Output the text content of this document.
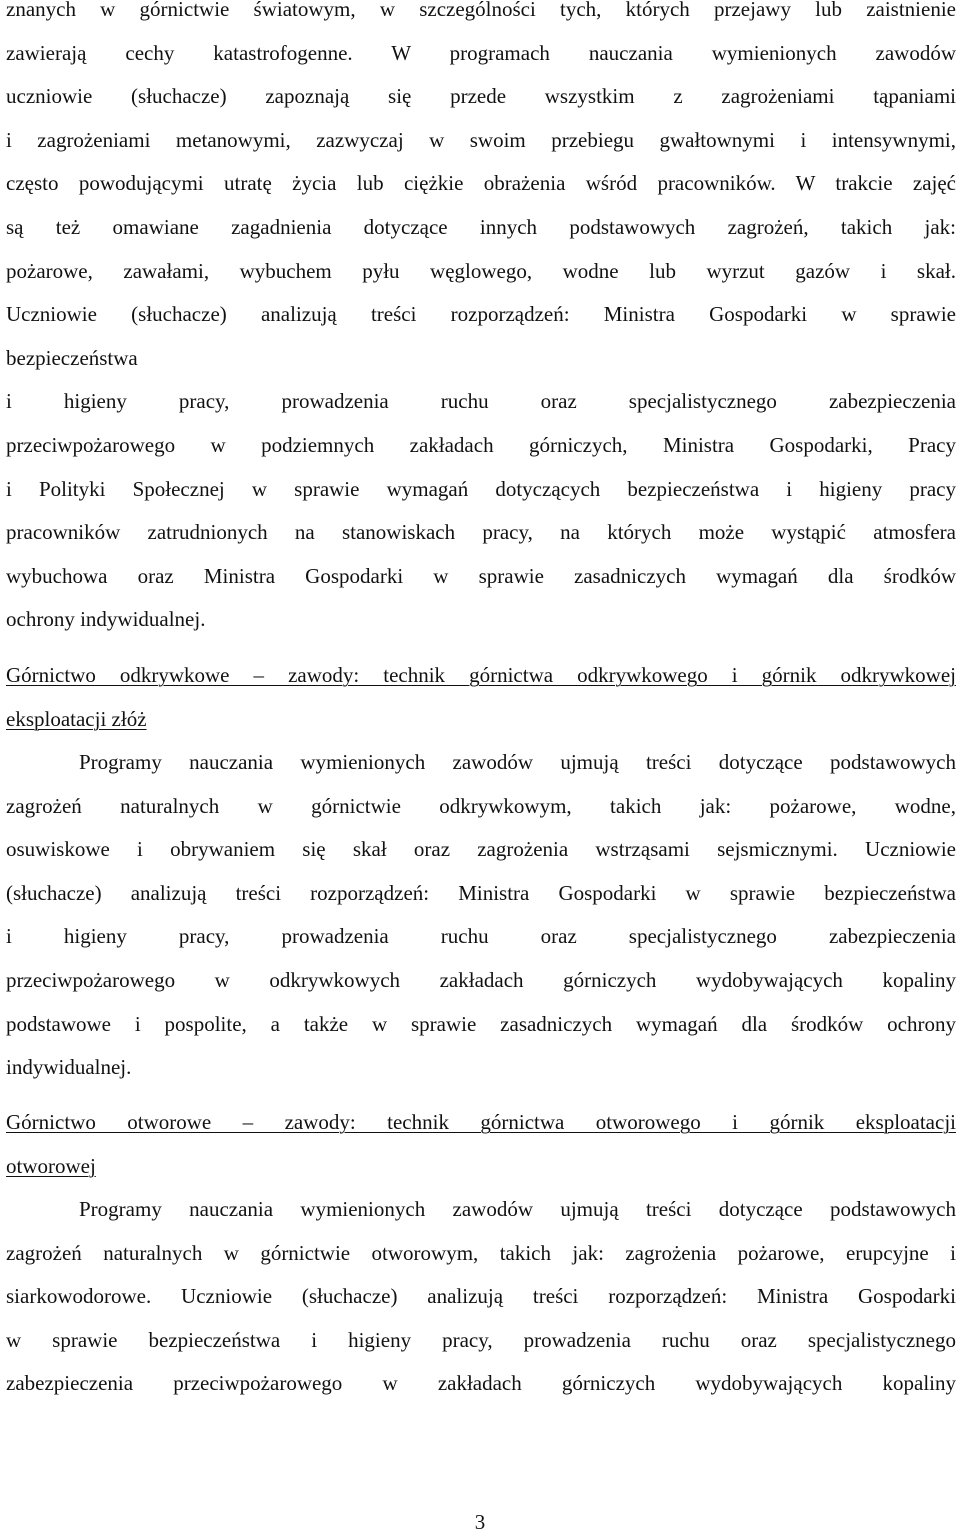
znanych w górnictwie światowym, w szczególności tych, których przejawy lub zaistnienie
zawierają cechy katastrofogenne. W programach nauczania wymienionych zawodów
uczniowie (słuchacze) zapoznają się przede wszystkim z zagrożeniami tąpaniami
i zagrożeniami metanowymi, zazwyczaj w swoim przebiegu gwałtownymi i intensywnymi,
często powodującymi utratę życia lub ciężkie obrażenia wśród pracowników. W trakcie zajęć
są też omawiane zagadnienia dotyczące innych podstawowych zagrożeń, takich jak:
pożarowe, zawałami, wybuchem pyłu węglowego, wodne lub wyrzut gazów i skał.
Uczniowie (słuchacze) analizują treści rozporządzeń: Ministra Gospodarki w sprawie
bezpieczeństwa
i higieny pracy, prowadzenia ruchu oraz specjalistycznego zabezpieczenia
przeciwpożarowego w podziemnych zakładach górniczych, Ministra Gospodarki, Pracy
i Polityki Społecznej w sprawie wymagań dotyczących bezpieczeństwa i higieny pracy
pracowników zatrudnionych na stanowiskach pracy, na których może wystąpić atmosfera
wybuchowa oraz Ministra Gospodarki w sprawie zasadniczych wymagań dla środków
ochrony indywidualnej.

Górnictwo odkrywkowe – zawody: technik górnictwa odkrywkowego i górnik odkrywkowej
eksploatacji złóż

Programy nauczania wymienionych zawodów ujmują treści dotyczące podstawowych
zagrożeń naturalnych w górnictwie odkrywkowym, takich jak: pożarowe, wodne,
osuwiskowe i obrywaniem się skał oraz zagrożenia wstrząsami sejsmicznymi. Uczniowie
(słuchacze) analizują treści rozporządzeń: Ministra Gospodarki w sprawie bezpieczeństwa
i higieny pracy, prowadzenia ruchu oraz specjalistycznego zabezpieczenia
przeciwpożarowego w odkrywkowych zakładach górniczych wydobywających kopaliny
podstawowe i pospolite, a także w sprawie zasadniczych wymagań dla środków ochrony
indywidualnej.

Górnictwo otworowe – zawody: technik górnictwa otworowego i górnik eksploatacji
otworowej

Programy nauczania wymienionych zawodów ujmują treści dotyczące podstawowych
zagrożeń naturalnych w górnictwie otworowym, takich jak: zagrożenia pożarowe, erupcyjne i
siarkowodorowe. Uczniowie (słuchacze) analizują treści rozporządzeń: Ministra Gospodarki
w sprawie bezpieczeństwa i higieny pracy, prowadzenia ruchu oraz specjalistycznego
zabezpieczenia przeciwpożarowego w zakładach górniczych wydobywających kopaliny

3
